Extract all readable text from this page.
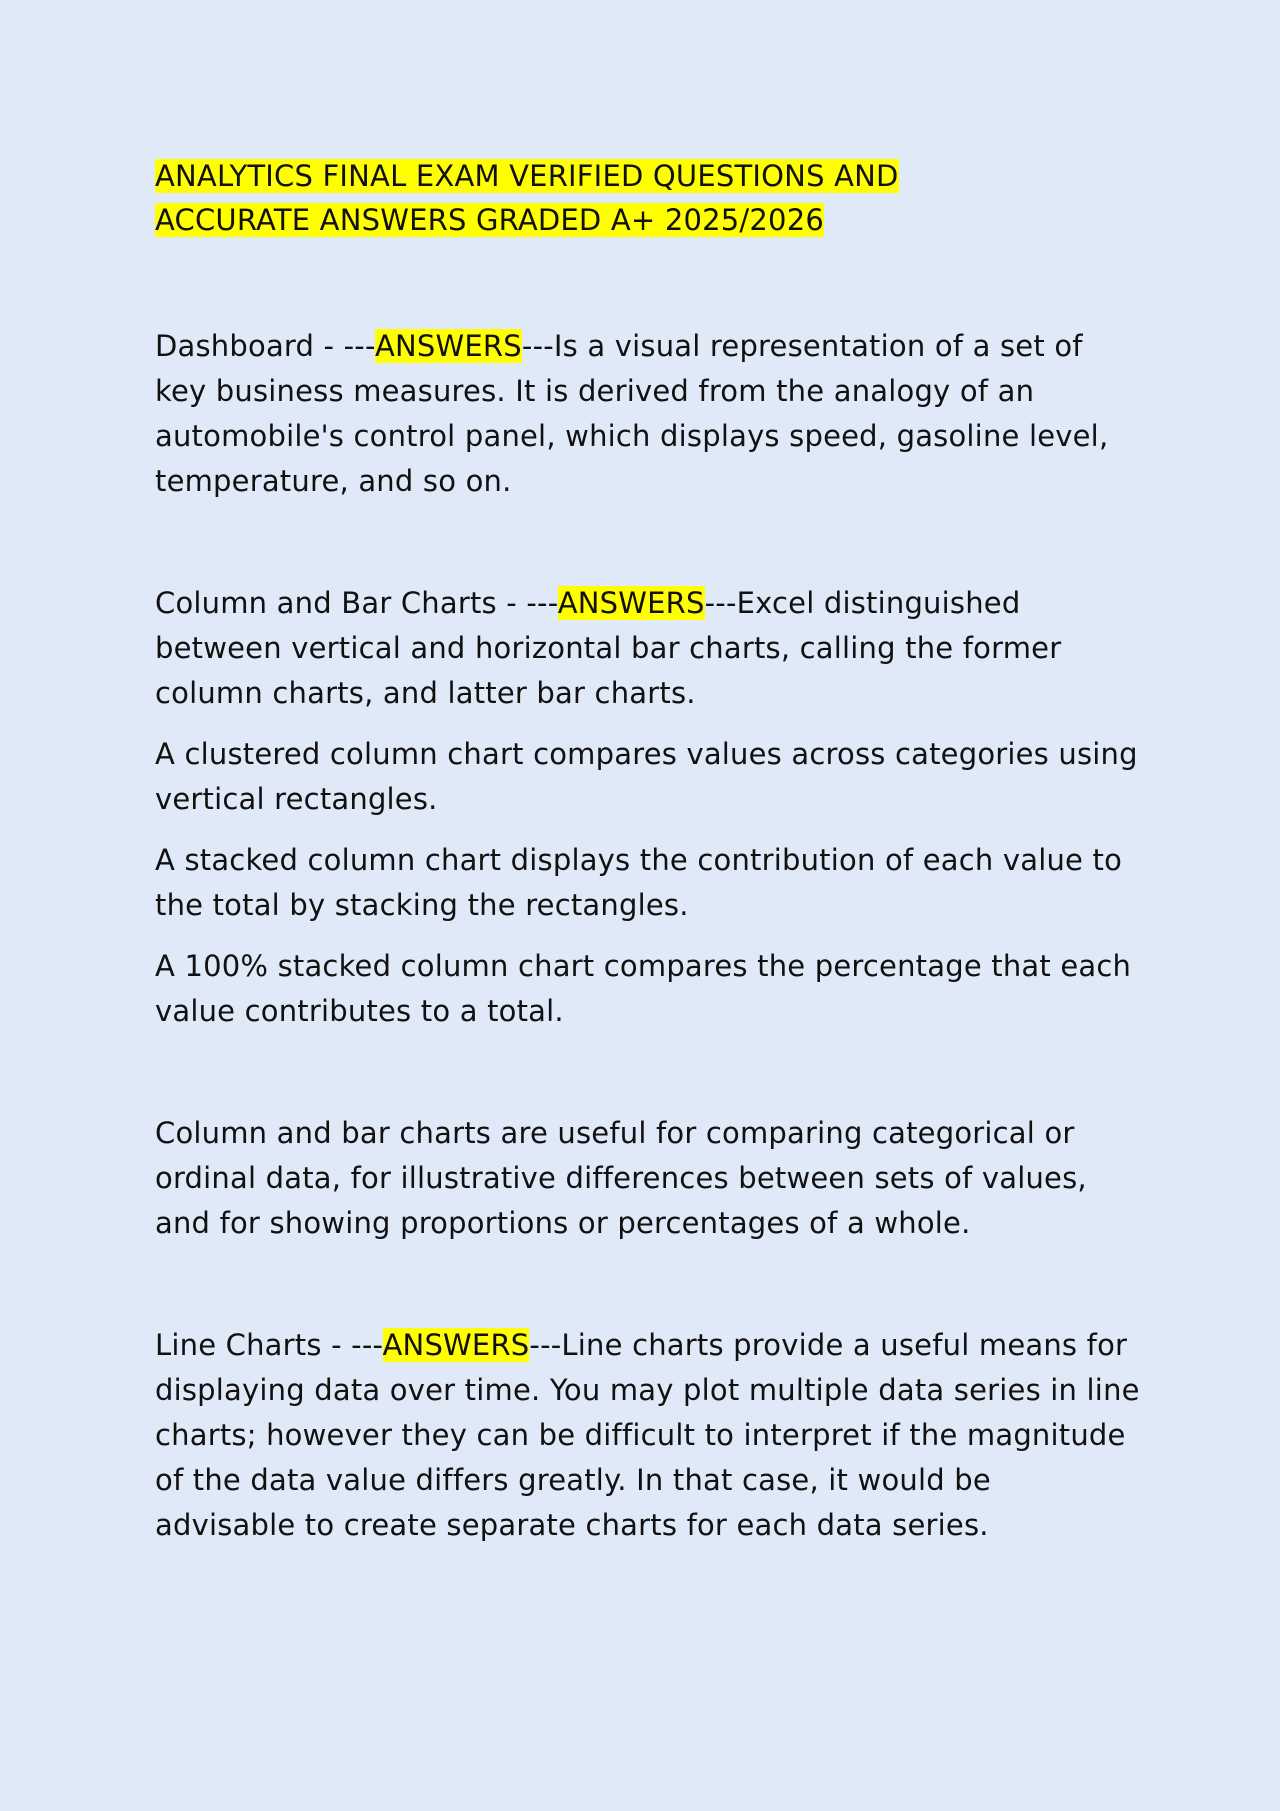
ANALYTICS FINAL EXAM VERIFIED QUESTIONS AND
ACCURATE ANSWERS GRADED A+ 2025/2026

Dashboard - ---ANSWERS---Is a visual representation of a set of key business measures. It is derived from the analogy of an automobile's control panel, which displays speed, gasoline level, temperature, and so on.

Column and Bar Charts - ---ANSWERS---Excel distinguished between vertical and horizontal bar charts, calling the former column charts, and latter bar charts.

A clustered column chart compares values across categories using vertical rectangles.

A stacked column chart displays the contribution of each value to the total by stacking the rectangles.

A 100% stacked column chart compares the percentage that each value contributes to a total.

Column and bar charts are useful for comparing categorical or ordinal data, for illustrative differences between sets of values, and for showing proportions or percentages of a whole.

Line Charts - ---ANSWERS---Line charts provide a useful means for displaying data over time. You may plot multiple data series in line charts; however they can be difficult to interpret if the magnitude of the data value differs greatly. In that case, it would be advisable to create separate charts for each data series.
